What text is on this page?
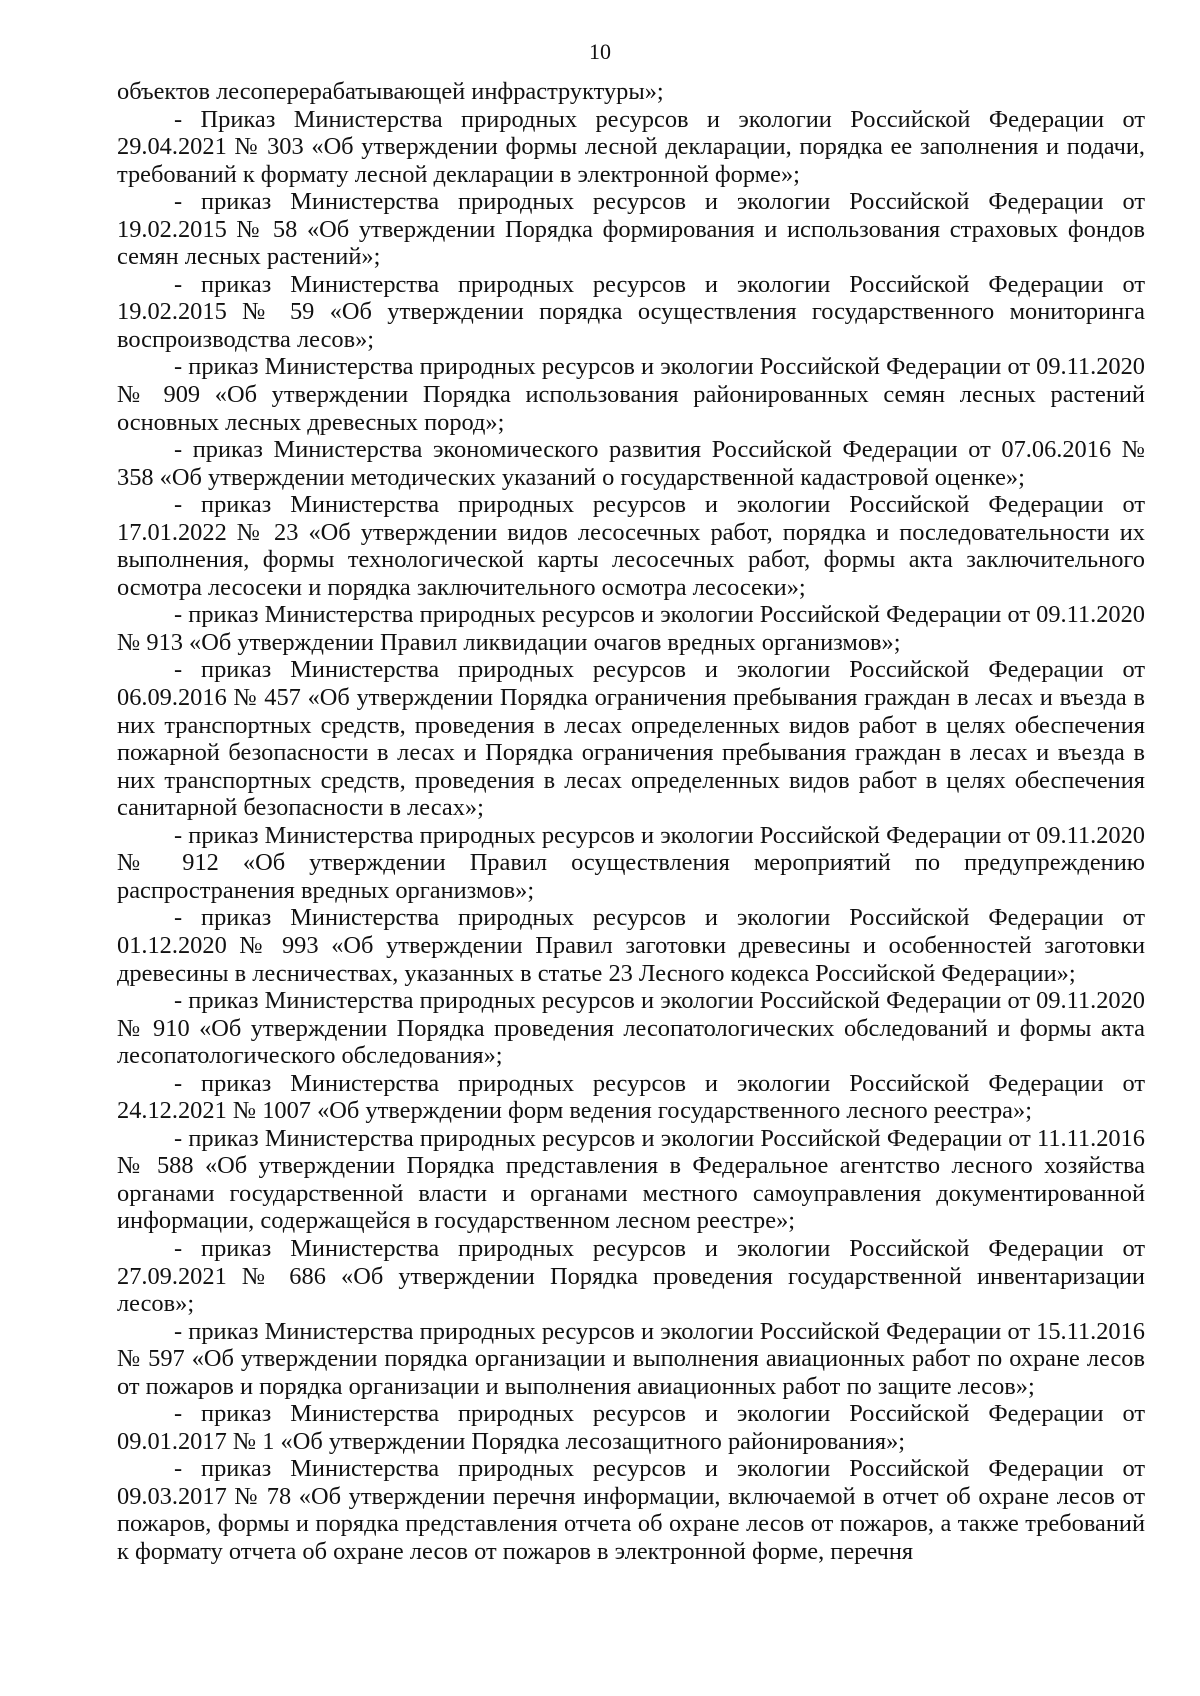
10

объектов лесоперерабатывающей инфраструктуры»;

- Приказ Министерства природных ресурсов и экологии Российской Федерации от 29.04.2021 № 303 «Об утверждении формы лесной декларации, порядка ее заполнения и подачи, требований к формату лесной декларации в электронной форме»;

- приказ Министерства природных ресурсов и экологии Российской Федерации от 19.02.2015 № 58 «Об утверждении Порядка формирования и использования страховых фондов семян лесных растений»;

- приказ Министерства природных ресурсов и экологии Российской Федерации от 19.02.2015 № 59 «Об утверждении порядка осуществления государственного мониторинга воспроизводства лесов»;

- приказ Министерства природных ресурсов и экологии Российской Федерации от 09.11.2020 № 909 «Об утверждении Порядка использования районированных семян лесных растений основных лесных древесных пород»;

- приказ Министерства экономического развития Российской Федерации от 07.06.2016 № 358 «Об утверждении методических указаний о государственной кадастровой оценке»;

- приказ Министерства природных ресурсов и экологии Российской Федерации от 17.01.2022 № 23 «Об утверждении видов лесосечных работ, порядка и последовательности их выполнения, формы технологической карты лесосечных работ, формы акта заключительного осмотра лесосеки и порядка заключительного осмотра лесосеки»;

- приказ Министерства природных ресурсов и экологии Российской Федерации от 09.11.2020 № 913 «Об утверждении Правил ликвидации очагов вредных организмов»;

- приказ Министерства природных ресурсов и экологии Российской Федерации от 06.09.2016 № 457 «Об утверждении Порядка ограничения пребывания граждан в лесах и въезда в них транспортных средств, проведения в лесах определенных видов работ в целях обеспечения пожарной безопасности в лесах и Порядка ограничения пребывания граждан в лесах и въезда в них транспортных средств, проведения в лесах определенных видов работ в целях обеспечения санитарной безопасности в лесах»;

- приказ Министерства природных ресурсов и экологии Российской Федерации от 09.11.2020 № 912 «Об утверждении Правил осуществления мероприятий по предупреждению распространения вредных организмов»;

- приказ Министерства природных ресурсов и экологии Российской Федерации от 01.12.2020 № 993 «Об утверждении Правил заготовки древесины и особенностей заготовки древесины в лесничествах, указанных в статье 23 Лесного кодекса Российской Федерации»;

- приказ Министерства природных ресурсов и экологии Российской Федерации от 09.11.2020 № 910 «Об утверждении Порядка проведения лесопатологических обследований и формы акта лесопатологического обследования»;

- приказ Министерства природных ресурсов и экологии Российской Федерации от 24.12.2021 № 1007 «Об утверждении форм ведения государственного лесного реестра»;

- приказ Министерства природных ресурсов и экологии Российской Федерации от 11.11.2016 № 588 «Об утверждении Порядка представления в Федеральное агентство лесного хозяйства органами государственной власти и органами местного самоуправления документированной информации, содержащейся в государственном лесном реестре»;

- приказ Министерства природных ресурсов и экологии Российской Федерации от 27.09.2021 № 686 «Об утверждении Порядка проведения государственной инвентаризации лесов»;

- приказ Министерства природных ресурсов и экологии Российской Федерации от 15.11.2016 № 597 «Об утверждении порядка организации и выполнения авиационных работ по охране лесов от пожаров и порядка организации и выполнения авиационных работ по защите лесов»;

- приказ Министерства природных ресурсов и экологии Российской Федерации от 09.01.2017 № 1 «Об утверждении Порядка лесозащитного районирования»;

- приказ Министерства природных ресурсов и экологии Российской Федерации от 09.03.2017 № 78 «Об утверждении перечня информации, включаемой в отчет об охране лесов от пожаров, формы и порядка представления отчета об охране лесов от пожаров, а также требований к формату отчета об охране лесов от пожаров в электронной форме, перечня
